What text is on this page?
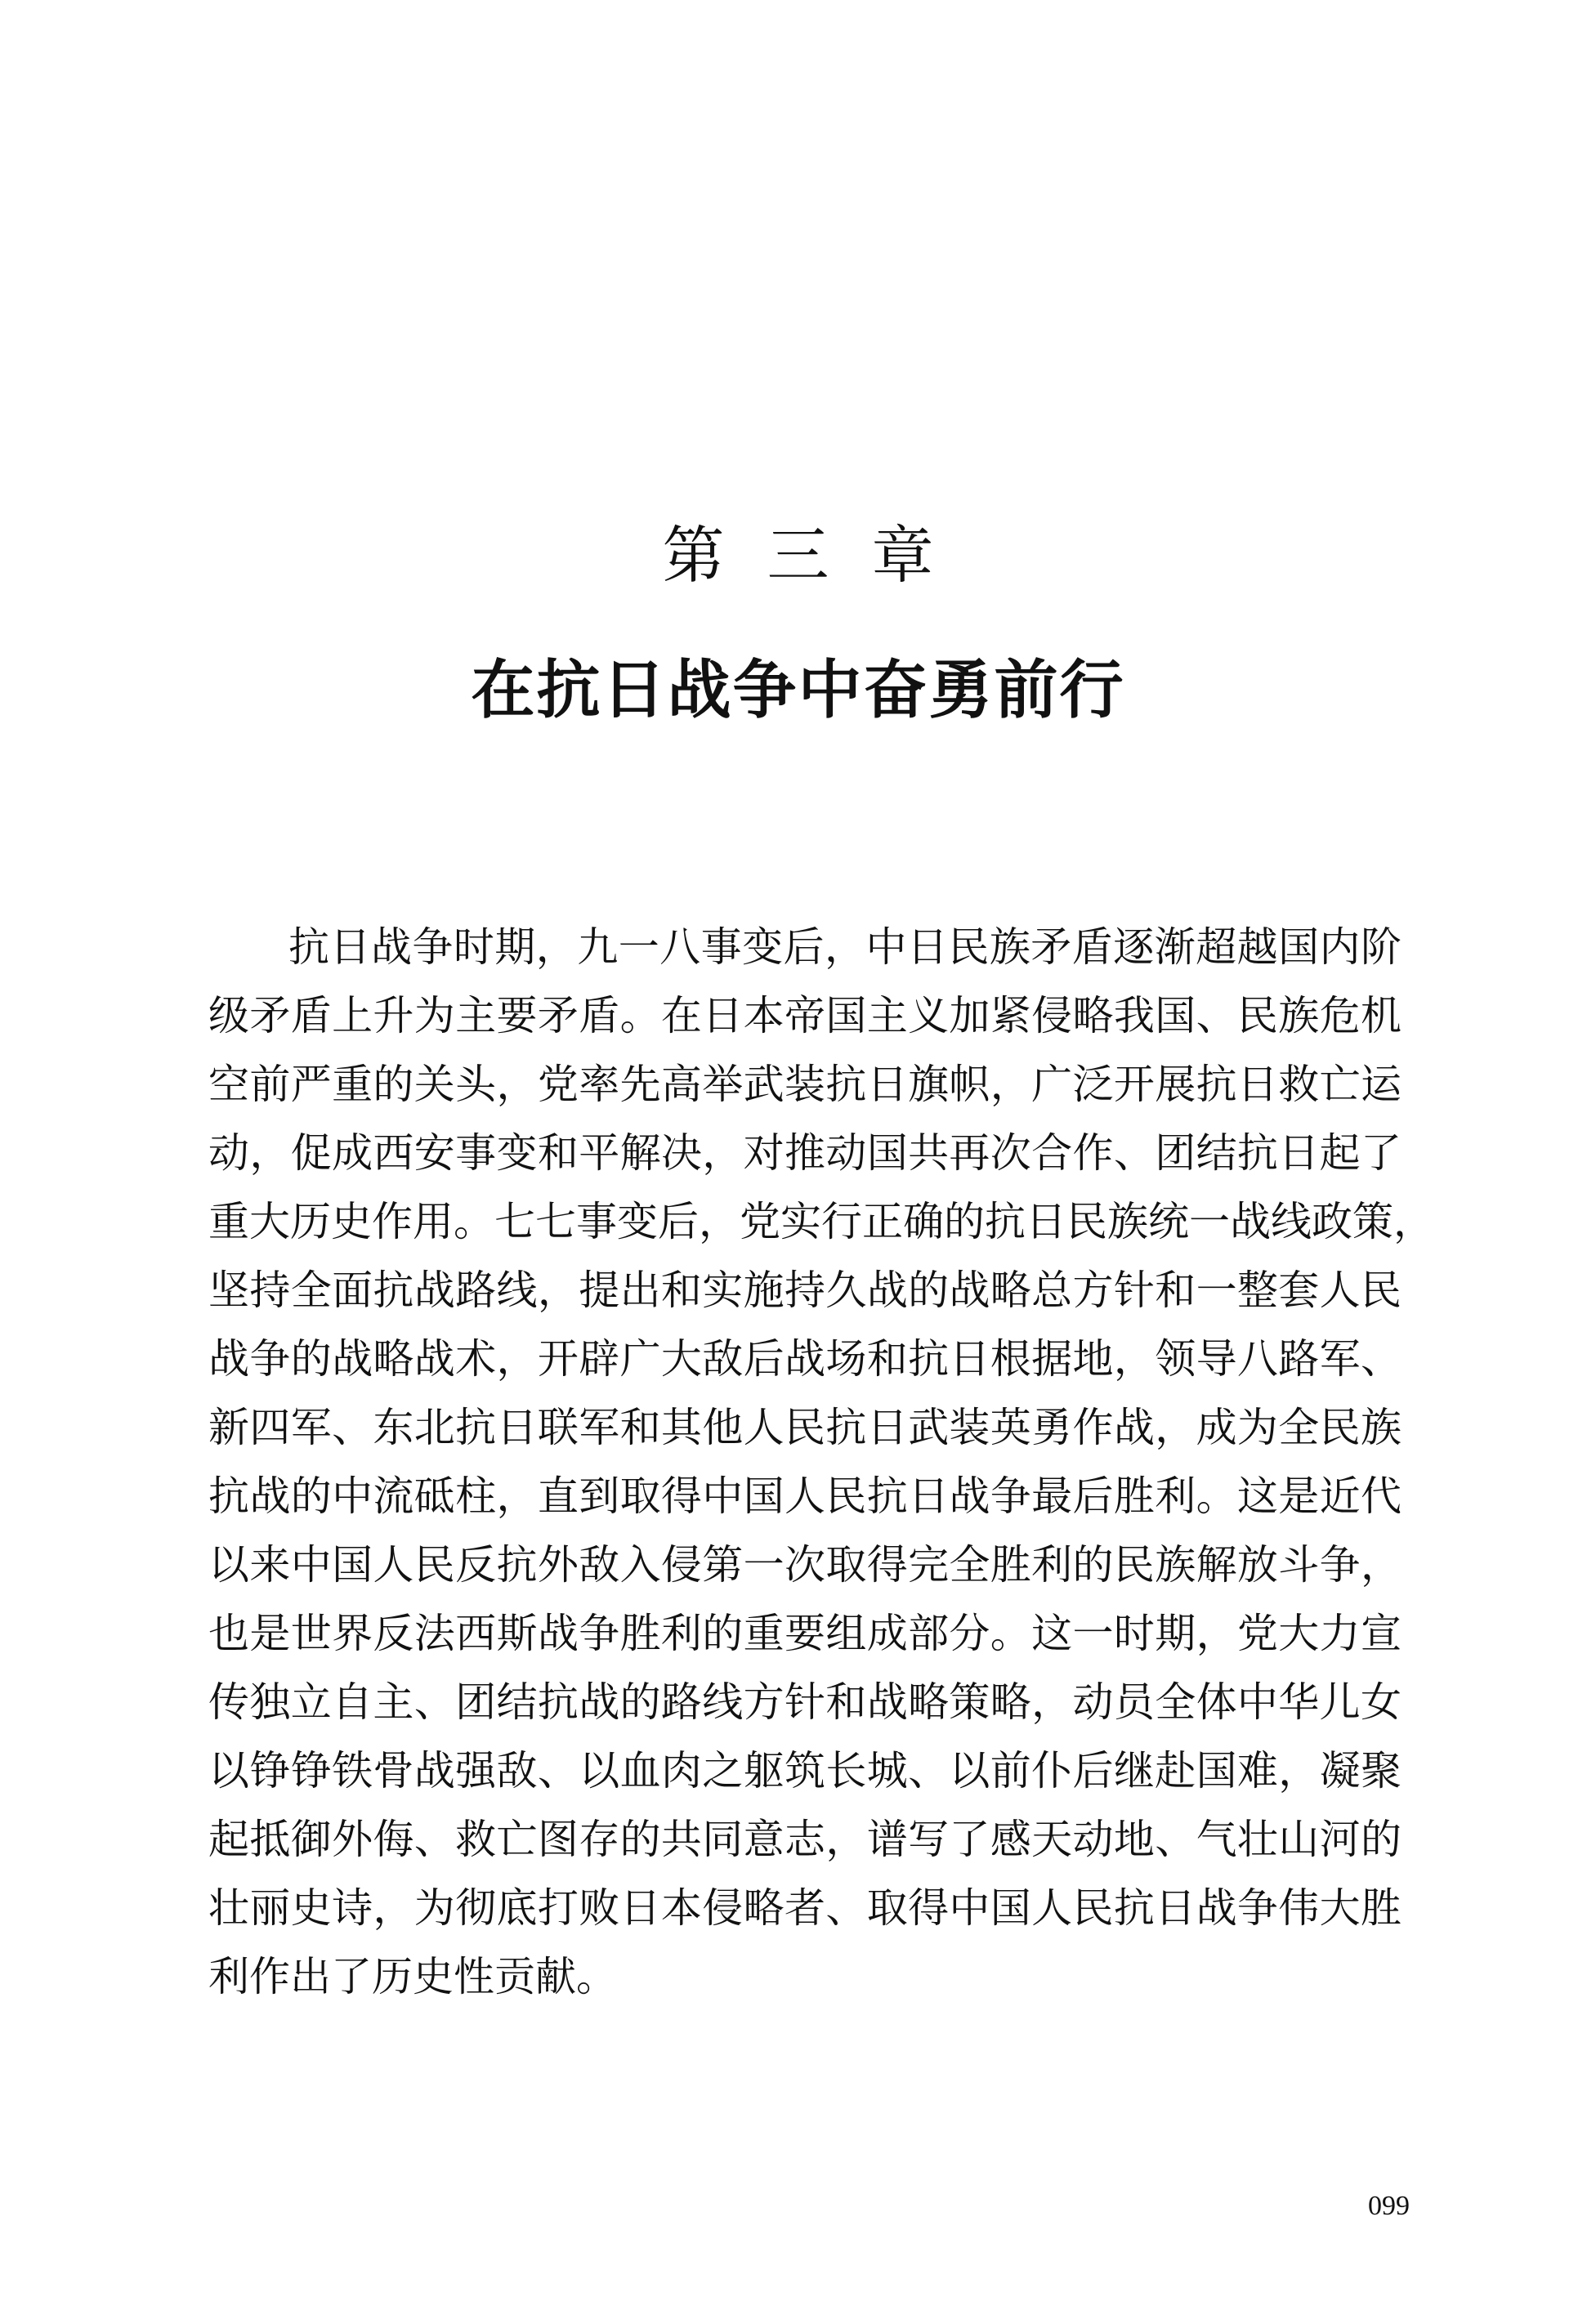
第 三 章
在抗日战争中奋勇前行
抗日战争时期，九一八事变后，中日民族矛盾逐渐超越国内阶
级矛盾上升为主要矛盾。在日本帝国主义加紧侵略我国、民族危机
空前严重的关头，党率先高举武装抗日旗帜，广泛开展抗日救亡运
动，促成西安事变和平解决，对推动国共再次合作、团结抗日起了
重大历史作用。七七事变后，党实行正确的抗日民族统一战线政策，
坚持全面抗战路线，提出和实施持久战的战略总方针和一整套人民
战争的战略战术，开辟广大敌后战场和抗日根据地，领导八路军、
新四军、东北抗日联军和其他人民抗日武装英勇作战，成为全民族
抗战的中流砥柱，直到取得中国人民抗日战争最后胜利。这是近代
以来中国人民反抗外敌入侵第一次取得完全胜利的民族解放斗争，
也是世界反法西斯战争胜利的重要组成部分。这一时期，党大力宣
传独立自主、团结抗战的路线方针和战略策略，动员全体中华儿女
以铮铮铁骨战强敌、以血肉之躯筑长城、以前仆后继赴国难，凝聚
起抵御外侮、救亡图存的共同意志，谱写了感天动地、气壮山河的
壮丽史诗，为彻底打败日本侵略者、取得中国人民抗日战争伟大胜
利作出了历史性贡献。
099
